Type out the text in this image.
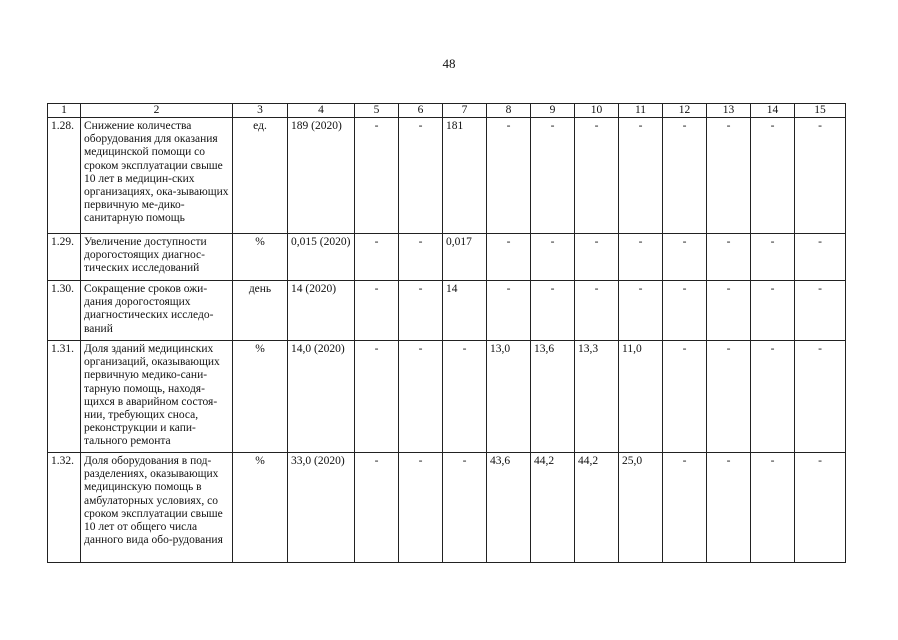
48
1	2	3	4	5	6	7	8	9	10	11	12	13	14	15
1.28.	Снижение количества оборудования для оказания медицинской помощи со сроком эксплуатации свыше 10 лет в медицин-ских организациях, ока-зывающих первичную ме-дико-санитарную помощь	ед.	189 (2020)	-	-	181	-	-	-	-	-	-	-	-
1.29.	Увеличение доступности дорогостоящих диагнос-тических исследований	%	0,015 (2020)	-	-	0,017	-	-	-	-	-	-	-	-
1.30.	Сокращение сроков ожи-дания дорогостоящих диагностических исследо-ваний	день	14 (2020)	-	-	14	-	-	-	-	-	-	-	-
1.31.	Доля зданий медицинских организаций, оказывающих первичную медико-сани-тарную помощь, находя-щихся в аварийном состоя-нии, требующих сноса, реконструкции и капи-тального ремонта	%	14,0 (2020)	-	-	-	13,0	13,6	13,3	11,0	-	-	-	-
1.32.	Доля оборудования в под-разделениях, оказывающих медицинскую помощь в амбулаторных условиях, со сроком эксплуатации свыше 10 лет от общего числа данного вида обо-рудования	%	33,0 (2020)	-	-	-	43,6	44,2	44,2	25,0	-	-	-	-
